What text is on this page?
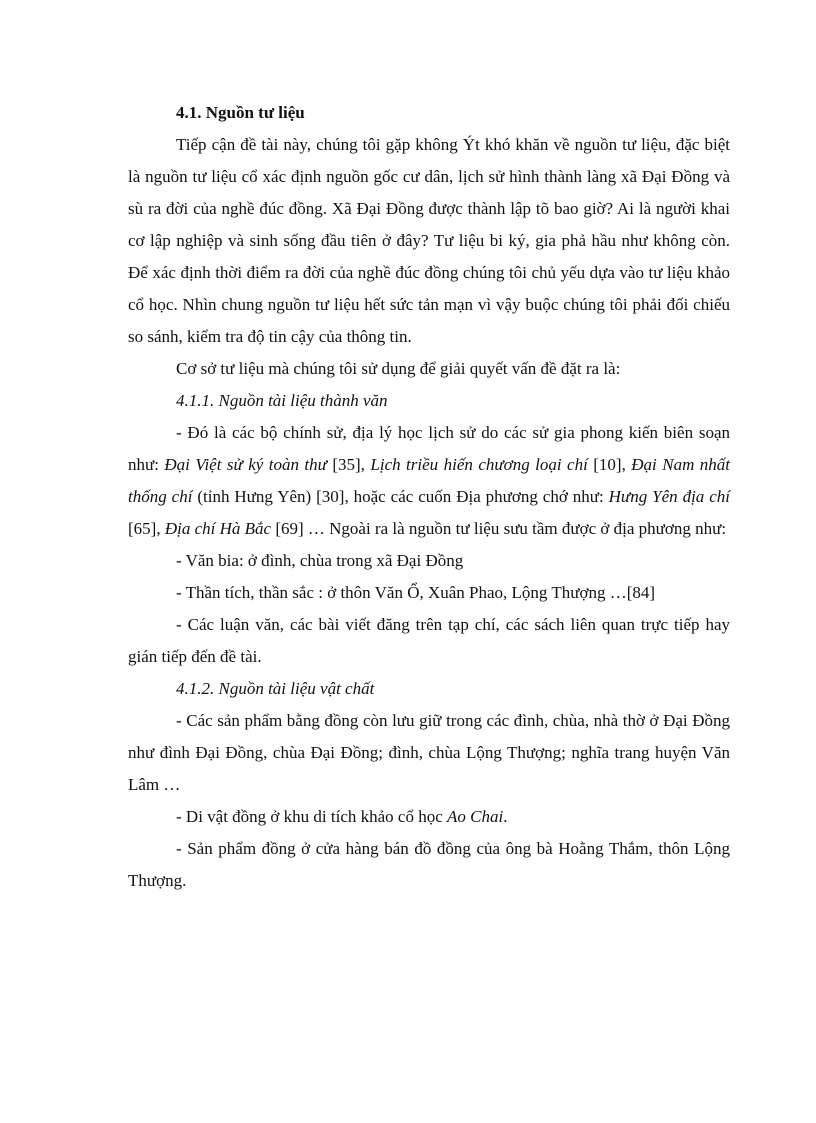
4.1. Nguồn tư liệu

Tiếp cận đề tài này, chúng tôi gặp không Ýt khó khăn về nguồn tư liệu, đặc biệt là nguồn tư liệu cổ xác định nguồn gốc cư dân, lịch sử hình thành làng xã Đại Đồng và sù ra đời của nghề đúc đồng. Xã Đại Đồng được thành lập tõ bao giờ? Ai là người khai cơ lập nghiệp và sinh sống đầu tiên ở đây? Tư liệu bi ký, gia phả hầu như không còn. Để xác định thời điểm ra đời của nghề đúc đồng chúng tôi chủ yếu dựa vào tư liệu khảo cổ học. Nhìn chung nguồn tư liệu hết sức tản mạn vì vậy buộc chúng tôi phải đối chiếu so sánh, kiểm tra độ tin cậy của thông tin.

Cơ sở tư liệu mà chúng tôi sử dụng để giải quyết vấn đề đặt ra là:

4.1.1. Nguồn tài liệu thành văn

- Đó là các bộ chính sử, địa lý học lịch sử do các sử gia phong kiến biên soạn như: Đại Việt sử ký toàn thư [35], Lịch triều hiến chương loại chí [10], Đại Nam nhất thống chí (tỉnh Hưng Yên) [30], hoặc các cuốn Địa phương chớ như: Hưng Yên địa chí [65], Địa chí Hà Bắc [69] … Ngoài ra là nguồn tư liệu sưu tầm được ở địa phương như:

- Văn bia: ở đình, chùa trong xã Đại Đồng

- Thần tích, thần sắc : ở thôn Văn Ổ, Xuân Phao, Lộng Thượng …[84]

- Các luận văn, các bài viết đăng trên tạp chí, các sách liên quan trực tiếp hay gián tiếp đến đề tài.

4.1.2. Nguồn tài liệu vật chất

- Các sản phẩm bằng đồng còn lưu giữ trong các đình, chùa, nhà thờ ở Đại Đồng như đình Đại Đồng, chùa Đại Đồng; đình, chùa Lộng Thượng; nghĩa trang huyện Văn Lâm …

- Di vật đồng ở khu di tích khảo cổ học Ao Chai.

- Sản phẩm đồng ở cửa hàng bán đồ đồng của ông bà Hoằng Thắm, thôn Lộng Thượng.
